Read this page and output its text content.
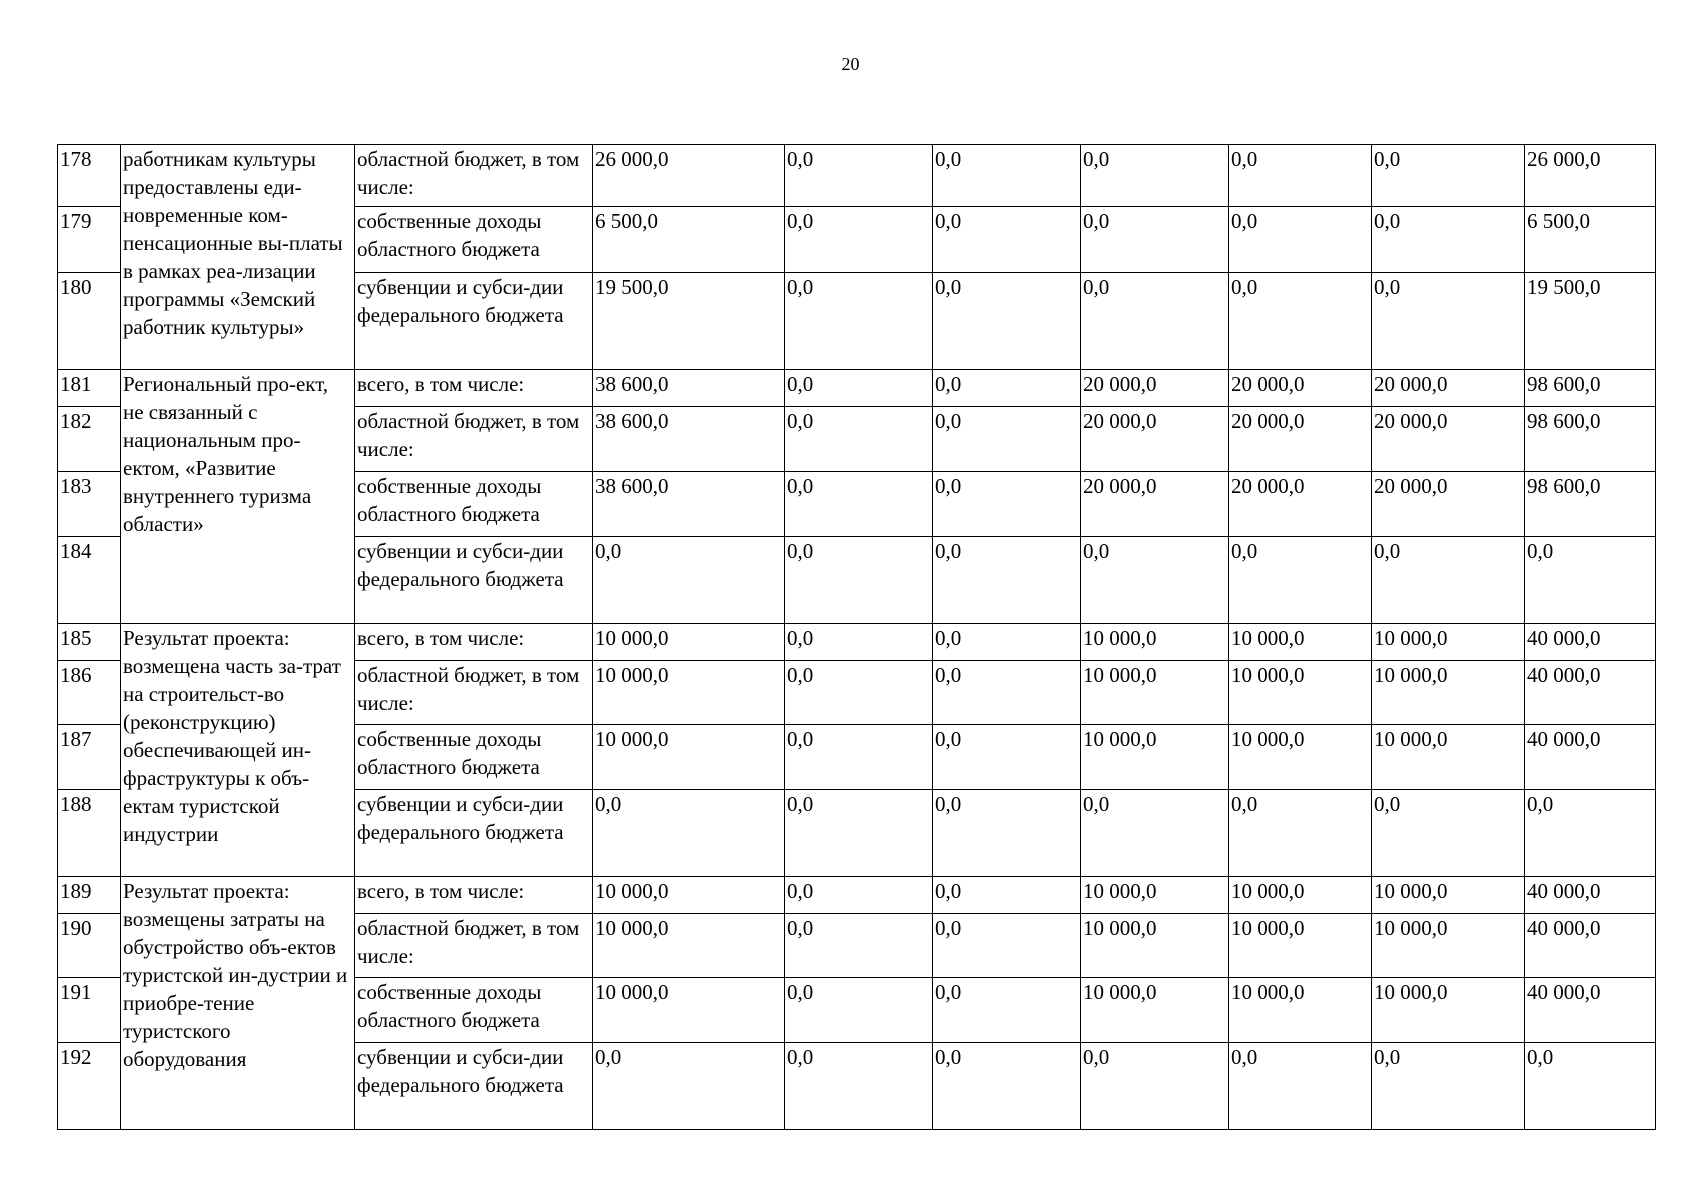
20
178	работникам культуры предоставлены еди-новременные ком-пенсационные вы-платы в рамках реа-лизации программы «Земский работник культуры»	областной бюджет, в том числе:	26 000,0	0,0	0,0	0,0	0,0	0,0	26 000,0
179		собственные доходы областного бюджета	6 500,0	0,0	0,0	0,0	0,0	0,0	6 500,0
180		субвенции и субси-дии федерального бюджета	19 500,0	0,0	0,0	0,0	0,0	0,0	19 500,0
181	Региональный про-ект, не связанный с национальным про-ектом, «Развитие внутреннего туризма области»	всего, в том числе:	38 600,0	0,0	0,0	20 000,0	20 000,0	20 000,0	98 600,0
182		областной бюджет, в том числе:	38 600,0	0,0	0,0	20 000,0	20 000,0	20 000,0	98 600,0
183		собственные доходы областного бюджета	38 600,0	0,0	0,0	20 000,0	20 000,0	20 000,0	98 600,0
184		субвенции и субси-дии федерального бюджета	0,0	0,0	0,0	0,0	0,0	0,0	0,0
185	Результат проекта: возмещена часть за-трат на строительст-во (реконструкцию) обеспечивающей ин-фраструктуры к объ-ектам туристской индустрии	всего, в том числе:	10 000,0	0,0	0,0	10 000,0	10 000,0	10 000,0	40 000,0
186		областной бюджет, в том числе:	10 000,0	0,0	0,0	10 000,0	10 000,0	10 000,0	40 000,0
187		собственные доходы областного бюджета	10 000,0	0,0	0,0	10 000,0	10 000,0	10 000,0	40 000,0
188		субвенции и субси-дии федерального бюджета	0,0	0,0	0,0	0,0	0,0	0,0	0,0
189	Результат проекта: возмещены затраты на обустройство объ-ектов туристской ин-дустрии и приобре-тение туристского оборудования	всего, в том числе:	10 000,0	0,0	0,0	10 000,0	10 000,0	10 000,0	40 000,0
190		областной бюджет, в том числе:	10 000,0	0,0	0,0	10 000,0	10 000,0	10 000,0	40 000,0
191		собственные доходы областного бюджета	10 000,0	0,0	0,0	10 000,0	10 000,0	10 000,0	40 000,0
192		субвенции и субси-дии федерального бюджета	0,0	0,0	0,0	0,0	0,0	0,0	0,0
